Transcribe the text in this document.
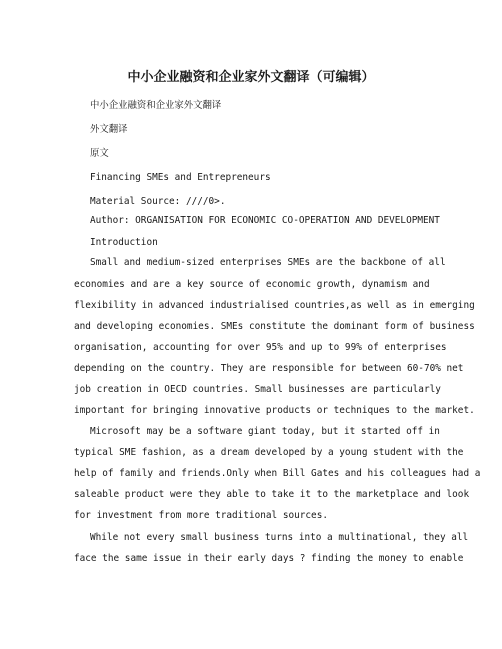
中小企业融资和企业家外文翻译（可编辑）

中小企业融资和企业家外文翻译

外文翻译

原文

Financing SMEs and Entrepreneurs

Material Source: ////0>.

Author: ORGANISATION FOR ECONOMIC CO-OPERATION AND DEVELOPMENT

Introduction

Small and medium-sized enterprises SMEs are the backbone of all

economies and are a key source of economic growth, dynamism and

flexibility in advanced industrialised countries,as well as in emerging

and developing economies. SMEs constitute the dominant form of business

organisation, accounting for over 95% and up to 99% of enterprises

depending on the country. They are responsible for between 60-70% net

job creation in OECD countries. Small businesses are particularly

important for bringing innovative products or techniques to the market.

Microsoft may be a software giant today, but it started off in

typical SME fashion, as a dream developed by a young student with the

help of family and friends.Only when Bill Gates and his colleagues had a

saleable product were they able to take it to the marketplace and look

for investment from more traditional sources.

While not every small business turns into a multinational, they all

face the same issue in their early days ? finding the money to enable
